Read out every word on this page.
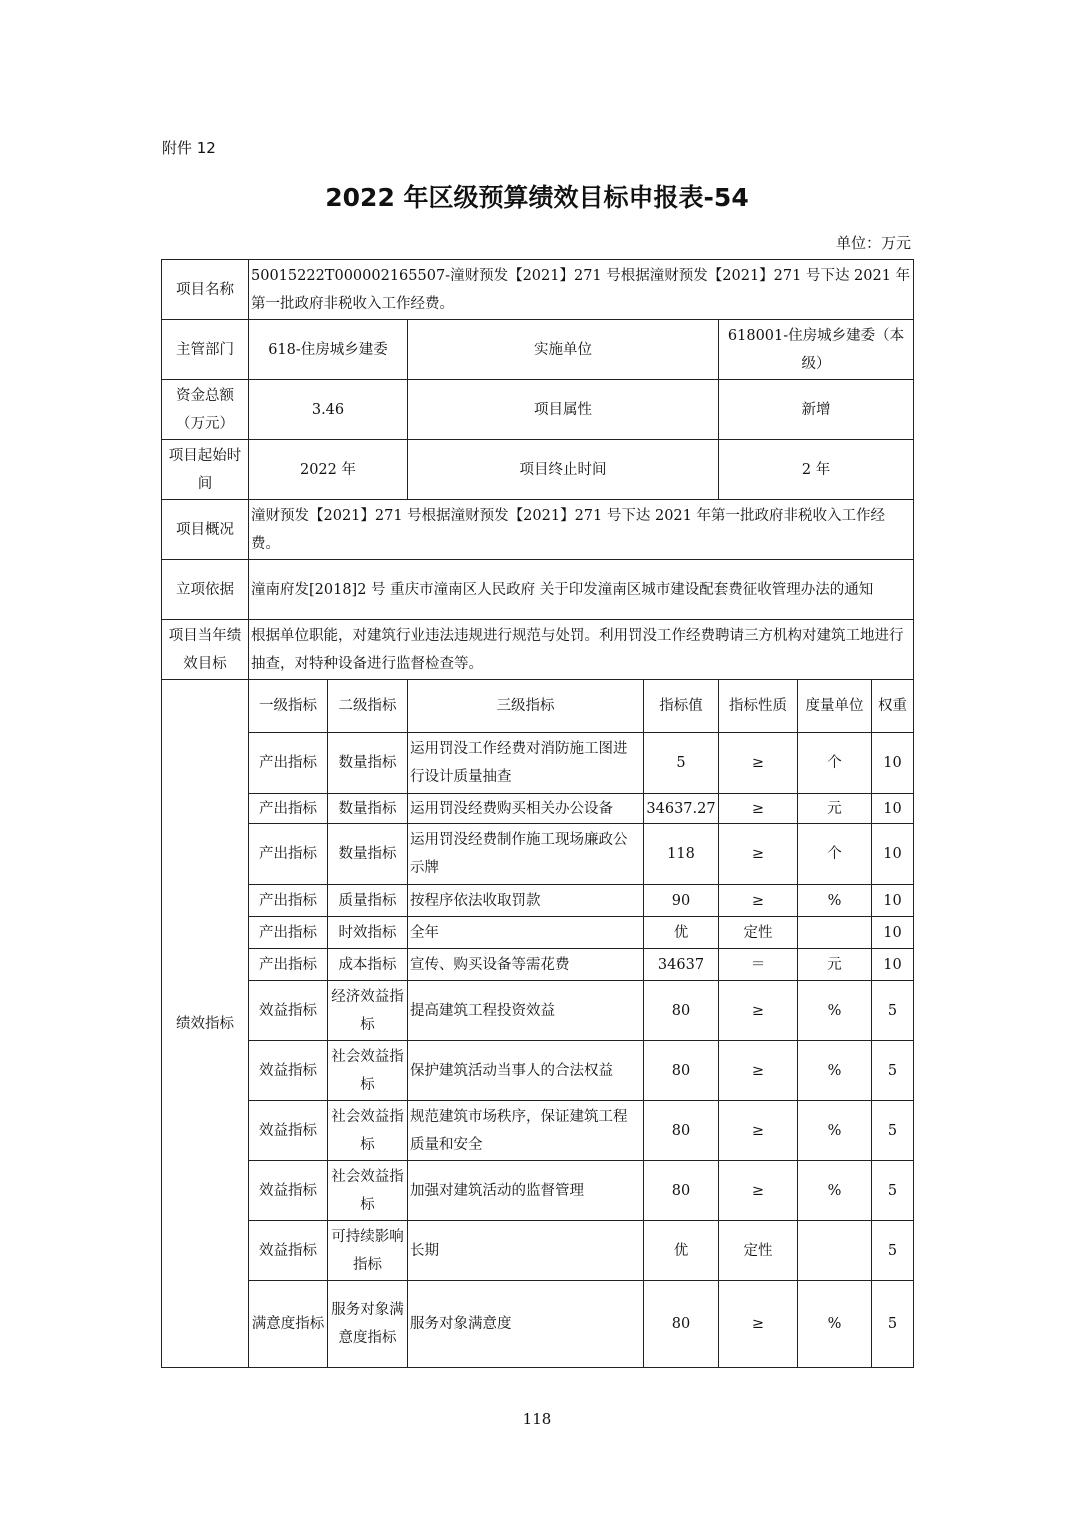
附件 12
2022 年区级预算绩效目标申报表-54
单位：万元
项目名称	50015222T000002165507-潼财预发【2021】271 号根据潼财预发【2021】271 号下达 2021 年第一批政府非税收入工作经费。						
主管部门	618-住房城乡建委		实施单位		618001-住房城乡建委（本级）		
资金总额（万元）	3.46		项目属性		新增		
项目起始时间	2022 年		项目终止时间		2 年		
项目概况	潼财预发【2021】271 号根据潼财预发【2021】271 号下达 2021 年第一批政府非税收入工作经费。						
立项依据	潼南府发[2018]2 号 重庆市潼南区人民政府 关于印发潼南区城市建设配套费征收管理办法的通知						
项目当年绩效目标	根据单位职能，对建筑行业违法违规进行规范与处罚。利用罚没工作经费聘请三方机构对建筑工地进行抽查，对特种设备进行监督检查等。						
绩效指标	一级指标	二级指标	三级指标	指标值	指标性质	度量单位	权重
	产出指标	数量指标	运用罚没工作经费对消防施工图进行设计质量抽查	5	≥	个	10
	产出指标	数量指标	运用罚没经费购买相关办公设备	34637.27	≥	元	10
	产出指标	数量指标	运用罚没经费制作施工现场廉政公示牌	118	≥	个	10
	产出指标	质量指标	按程序依法收取罚款	90	≥	%	10
	产出指标	时效指标	全年	优	定性		10
	产出指标	成本指标	宣传、购买设备等需花费	34637	＝	元	10
	效益指标	经济效益指标	提高建筑工程投资效益	80	≥	%	5
	效益指标	社会效益指标	保护建筑活动当事人的合法权益	80	≥	%	5
	效益指标	社会效益指标	规范建筑市场秩序，保证建筑工程质量和安全	80	≥	%	5
	效益指标	社会效益指标	加强对建筑活动的监督管理	80	≥	%	5
	效益指标	可持续影响指标	长期	优	定性		5
	满意度指标	服务对象满意度指标	服务对象满意度	80	≥	%	5
118
